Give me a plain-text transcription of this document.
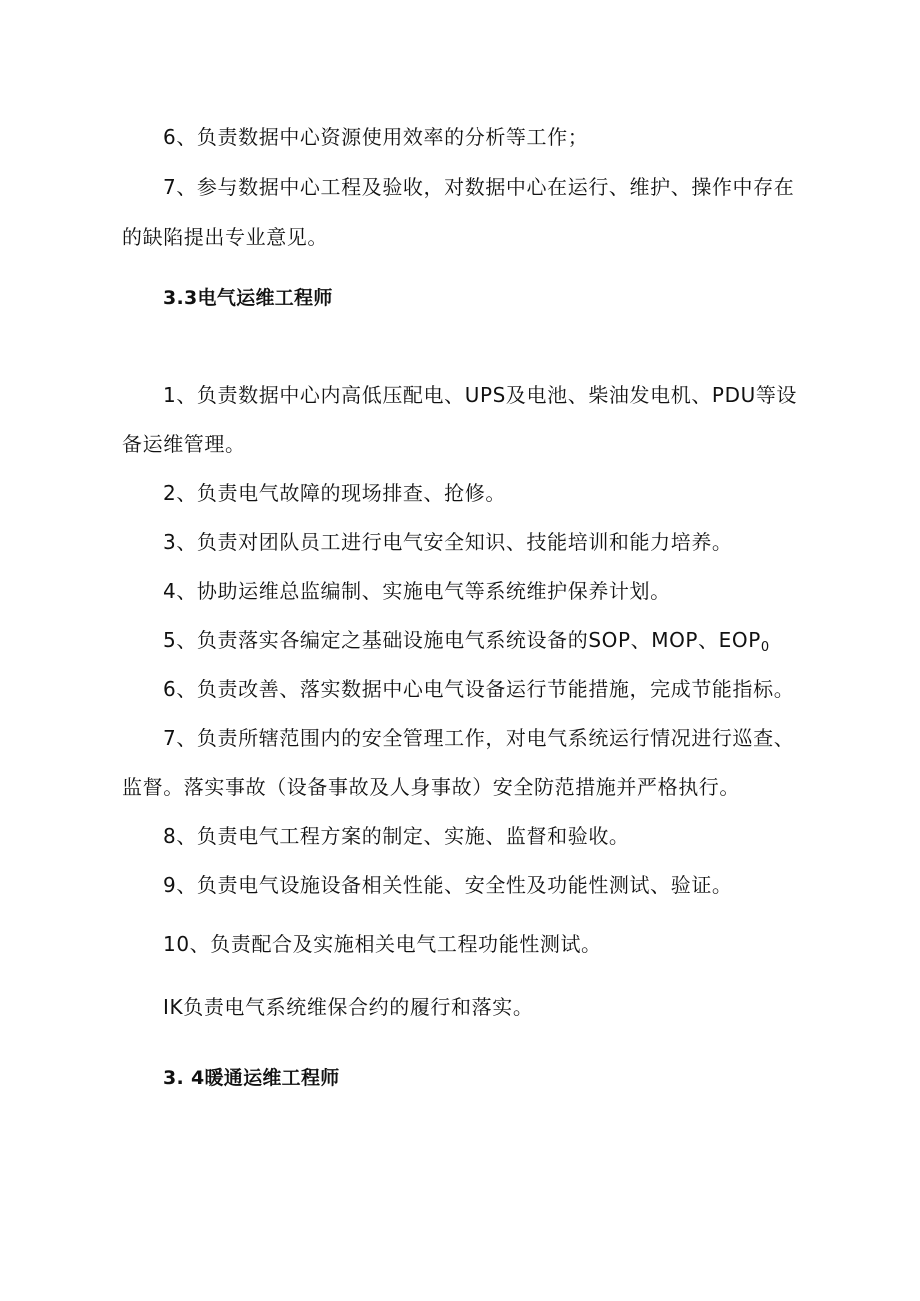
6、负责数据中心资源使用效率的分析等工作；
7、参与数据中心工程及验收，对数据中心在运行、维护、操作中存在
的缺陷提出专业意见。
3.3电气运维工程师
1、负责数据中心内高低压配电、UPS及电池、柴油发电机、PDU等设
备运维管理。
2、负责电气故障的现场排查、抢修。
3、负责对团队员工进行电气安全知识、技能培训和能力培养。
4、协助运维总监编制、实施电气等系统维护保养计划。
5、负责落实各编定之基础设施电气系统设备的SOP、MOP、$EOP_0$
6、负责改善、落实数据中心电气设备运行节能措施，完成节能指标。
7、负责所辖范围内的安全管理工作，对电气系统运行情况进行巡查、
监督。落实事故（设备事故及人身事故）安全防范措施并严格执行。
8、负责电气工程方案的制定、实施、监督和验收。
9、负责电气设施设备相关性能、安全性及功能性测试、验证。
10、负责配合及实施相关电气工程功能性测试。
IK负责电气系统维保合约的履行和落实。
3. 4暖通运维工程师
